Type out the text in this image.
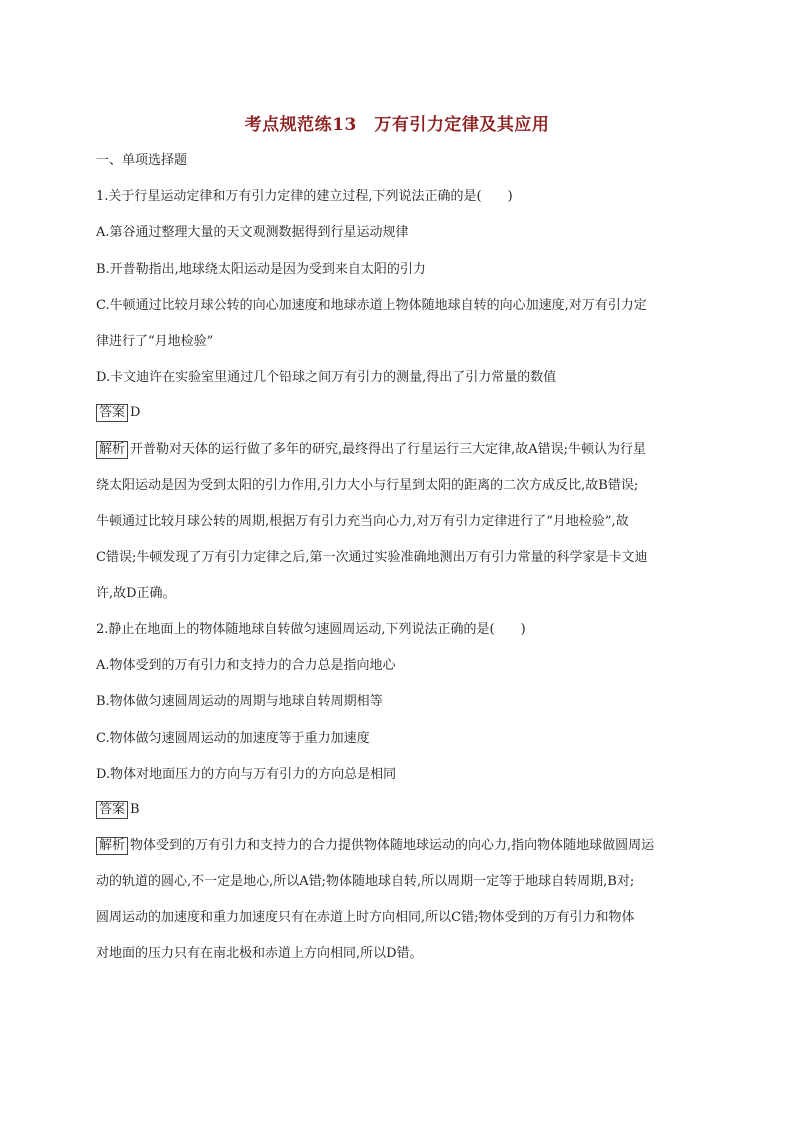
考点规范练13　万有引力定律及其应用
一、单项选择题
1.关于行星运动定律和万有引力定律的建立过程,下列说法正确的是(　　)
A.第谷通过整理大量的天文观测数据得到行星运动规律
B.开普勒指出,地球绕太阳运动是因为受到来自太阳的引力
C.牛顿通过比较月球公转的向心加速度和地球赤道上物体随地球自转的向心加速度,对万有引力定
律进行了“月地检验”
D.卡文迪许在实验室里通过几个铅球之间万有引力的测量,得出了引力常量的数值
答案 D
解析 开普勒对天体的运行做了多年的研究,最终得出了行星运行三大定律,故A错误;牛顿认为行星
绕太阳运动是因为受到太阳的引力作用,引力大小与行星到太阳的距离的二次方成反比,故B错误;
牛顿通过比较月球公转的周期,根据万有引力充当向心力,对万有引力定律进行了“月地检验”,故
C错误;牛顿发现了万有引力定律之后,第一次通过实验准确地测出万有引力常量的科学家是卡文迪
许,故D正确。
2.静止在地面上的物体随地球自转做匀速圆周运动,下列说法正确的是(　　)
A.物体受到的万有引力和支持力的合力总是指向地心
B.物体做匀速圆周运动的周期与地球自转周期相等
C.物体做匀速圆周运动的加速度等于重力加速度
D.物体对地面压力的方向与万有引力的方向总是相同
答案 B
解析 物体受到的万有引力和支持力的合力提供物体随地球运动的向心力,指向物体随地球做圆周运
动的轨道的圆心,不一定是地心,所以A错;物体随地球自转,所以周期一定等于地球自转周期,B对;
圆周运动的加速度和重力加速度只有在赤道上时方向相同,所以C错;物体受到的万有引力和物体
对地面的压力只有在南北极和赤道上方向相同,所以D错。
